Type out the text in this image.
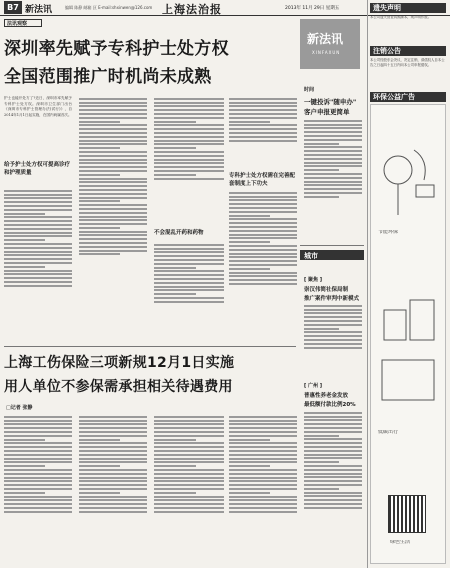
B7 新法讯	编辑 陈静 邮箱 区 E-mail:shxinwen@126.com 上海法治报	2013年 11月 29日 星期五
法讯观察
深圳率先赋予专科护士处方权
全国范围推广时机尚未成熟
新法讯
XINFAXUN
护士也能开处方了?近日，深圳市率先赋予专科护士处方权。深圳市卫生部门出台《深圳市专科护士管理办法(试行)》，自2014年1月1日起实施，在国内尚属首次。
给予护士处方权可提高诊疗和护理质量
不会混乱开药和药物
专科护士处方权需在完善配套制度上下功夫
时间
一键投诉"随申办"
客户申报更简单
城市
[ 聚焦 ]
崇汉伟简社保局制
推广案件审判中新模式
[ 广州 ]
普惠性养老金发放
最低额付款比例20%
上海工伤保险三项新规12月1日实施
用人单位不参保需承担相关待遇费用
□记者 张静
遗失声明
本公司遗失营业执照副本，现声明作废。
注销公告
本公司经股东会决议，决定注销，请债权人自本公告之日起四十五日内向本公司申报债权。
环保公益广告
节能环保
低碳出行
绿色生活
